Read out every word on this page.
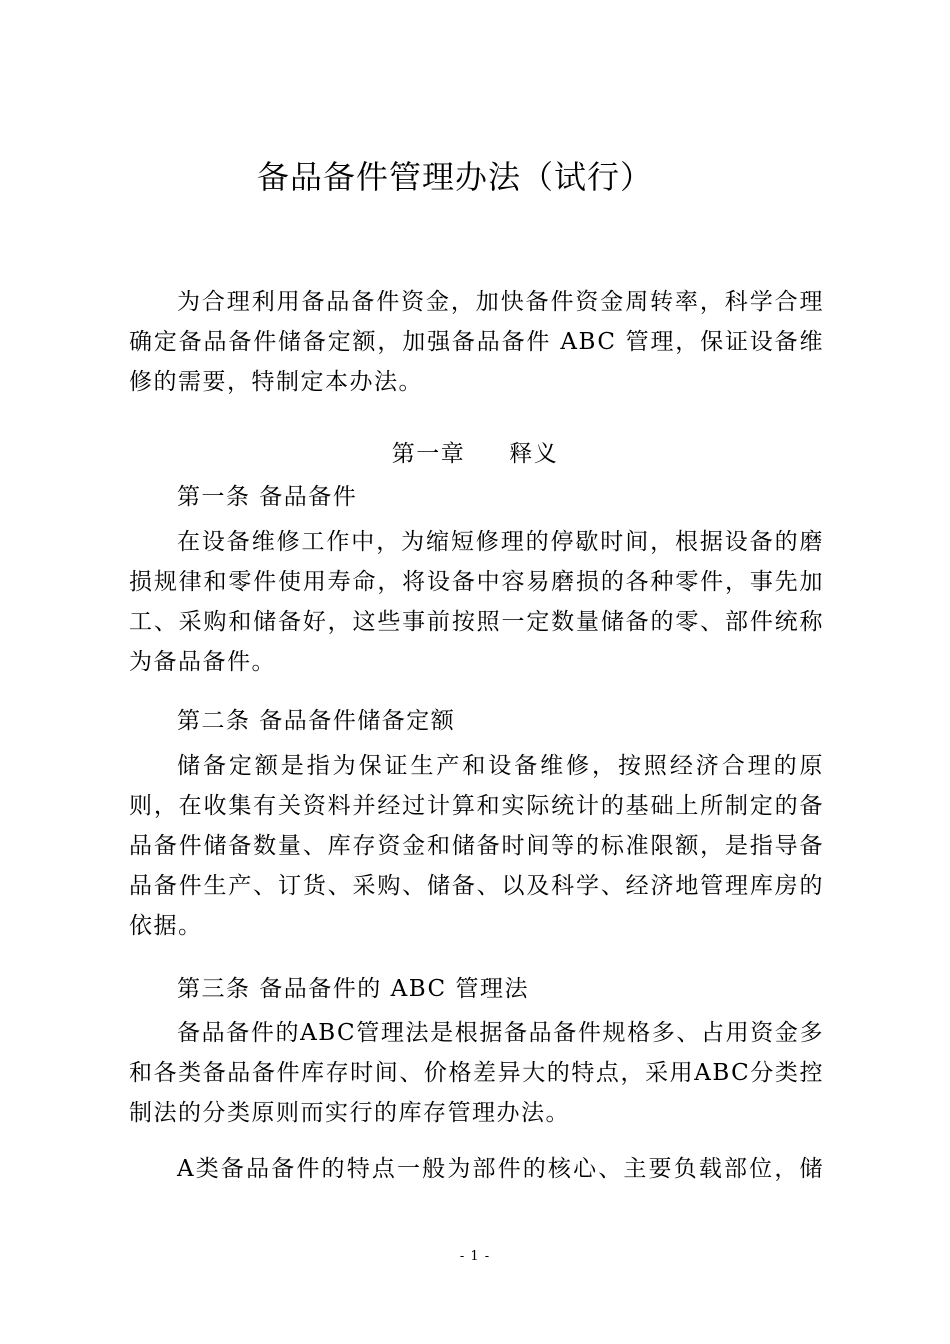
备品备件管理办法（试行）
为合理利用备品备件资金，加快备件资金周转率，科学合理确定备品备件储备定额，加强备品备件 ABC 管理，保证设备维修的需要，特制定本办法。
第一章     释义
第一条 备品备件
在设备维修工作中，为缩短修理的停歇时间，根据设备的磨损规律和零件使用寿命，将设备中容易磨损的各种零件，事先加工、采购和储备好，这些事前按照一定数量储备的零、部件统称为备品备件。
第二条 备品备件储备定额
储备定额是指为保证生产和设备维修，按照经济合理的原则，在收集有关资料并经过计算和实际统计的基础上所制定的备品备件储备数量、库存资金和储备时间等的标准限额，是指导备品备件生产、订货、采购、储备、以及科学、经济地管理库房的依据。
第三条 备品备件的 ABC 管理法
备品备件的ABC管理法是根据备品备件规格多、占用资金多和各类备品备件库存时间、价格差异大的特点，采用ABC分类控制法的分类原则而实行的库存管理办法。
A类备品备件的特点一般为部件的核心、主要负载部位，储
- 1 -
